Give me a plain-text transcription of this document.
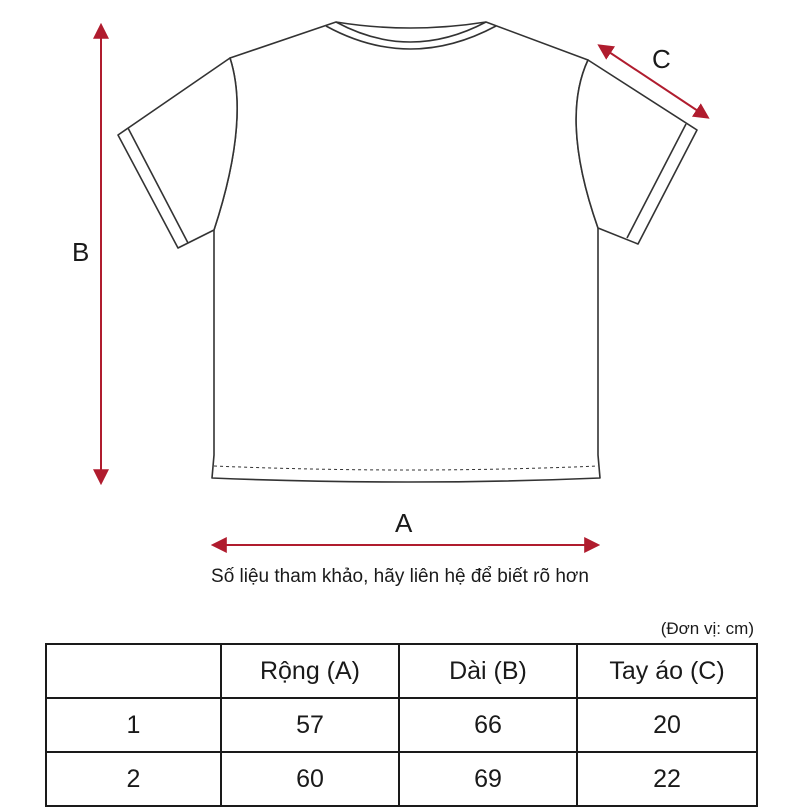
A
B
C
Số liệu tham khảo, hãy liên hệ để biết rõ hơn
(Đơn vị: cm)
	Rộng (A)	Dài (B)	Tay áo (C)
1	57	66	20
2	60	69	22
